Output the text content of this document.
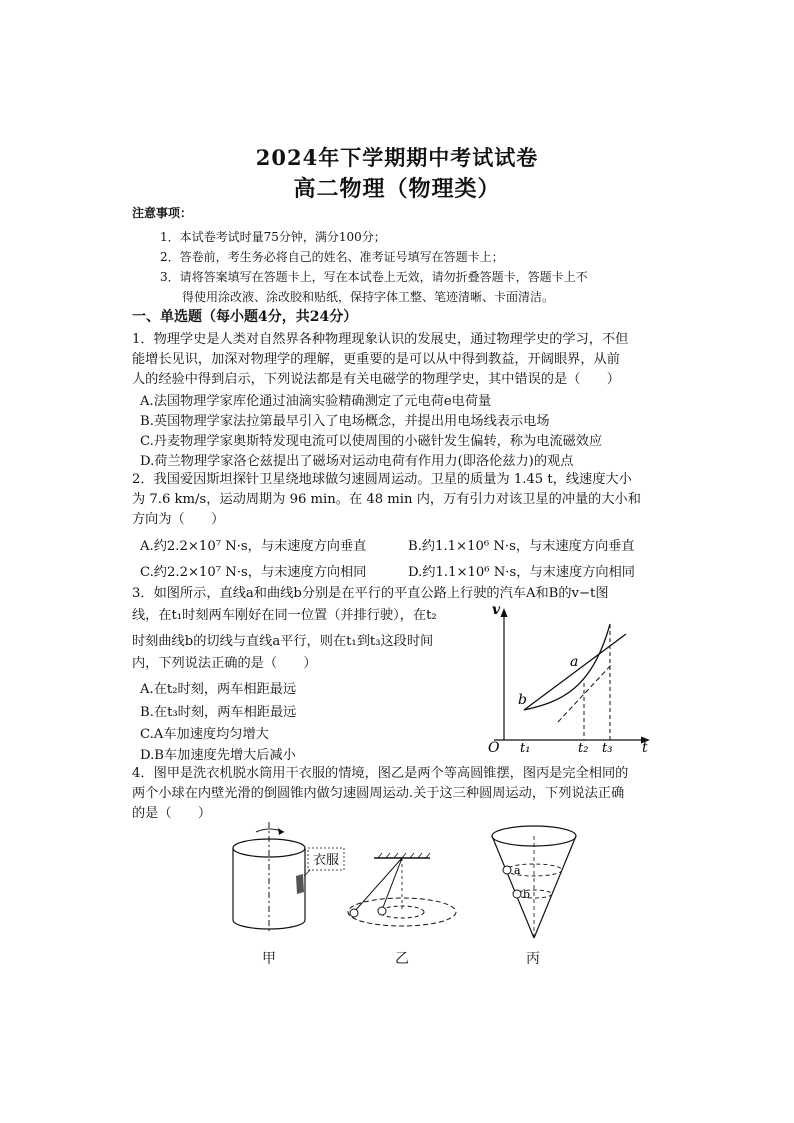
2024年下学期期中考试试卷
高二物理（物理类）
注意事项：
1．本试卷考试时量75分钟，满分100分；
2．答卷前，考生务必将自己的姓名、准考证号填写在答题卡上；
3．请将答案填写在答题卡上，写在本试卷上无效，请勿折叠答题卡，答题卡上不
得使用涂改液、涂改胶和贴纸，保持字体工整、笔迹清晰、卡面清洁。
一、单选题（每小题4分，共24分）
1．物理学史是人类对自然界各种物理现象认识的发展史，通过物理学史的学习，不但
能增长见识，加深对物理学的理解，更重要的是可以从中得到教益，开阔眼界，从前
人的经验中得到启示，下列说法都是有关电磁学的物理学史，其中错误的是（　　）
A.法国物理学家库伦通过油滴实验精确测定了元电荷e电荷量
B.英国物理学家法拉第最早引入了电场概念，并提出用电场线表示电场
C.丹麦物理学家奥斯特发现电流可以使周围的小磁针发生偏转，称为电流磁效应
D.荷兰物理学家洛仑兹提出了磁场对运动电荷有作用力(即洛伦兹力)的观点
2．我国爱因斯坦探针卫星绕地球做匀速圆周运动。卫星的质量为 1.45 t，线速度大小
为 7.6 km/s，运动周期为 96 min。在 48 min 内，万有引力对该卫星的冲量的大小和
方向为（　　）
A.约2.2×10⁷ N·s，与末速度方向垂直	B.约1.1×10⁶ N·s，与末速度方向垂直
C.约2.2×10⁷ N·s，与末速度方向相同	D.约1.1×10⁶ N·s，与末速度方向相同
3．如图所示，直线a和曲线b分别是在平行的平直公路上行驶的汽车A和B的v−t图
线，在t₁时刻两车刚好在同一位置（并排行驶），在t₂
时刻曲线b的切线与直线a平行，则在t₁到t₃这段时间
内，下列说法正确的是（　　）
A.在t₂时刻，两车相距最远
B.在t₃时刻，两车相距最远
C.A车加速度均匀增大
D.B车加速度先增大后减小
v
t
O
a
b
t₁	t₂ t₃
4．图甲是洗衣机脱水筒用干衣服的情境，图乙是两个等高圆锥摆，图丙是完全相同的
两个小球在内壁光滑的倒圆锥内做匀速圆周运动.关于这三种圆周运动，下列说法正确
的是（　　）
衣服
a
b
甲	乙	丙
